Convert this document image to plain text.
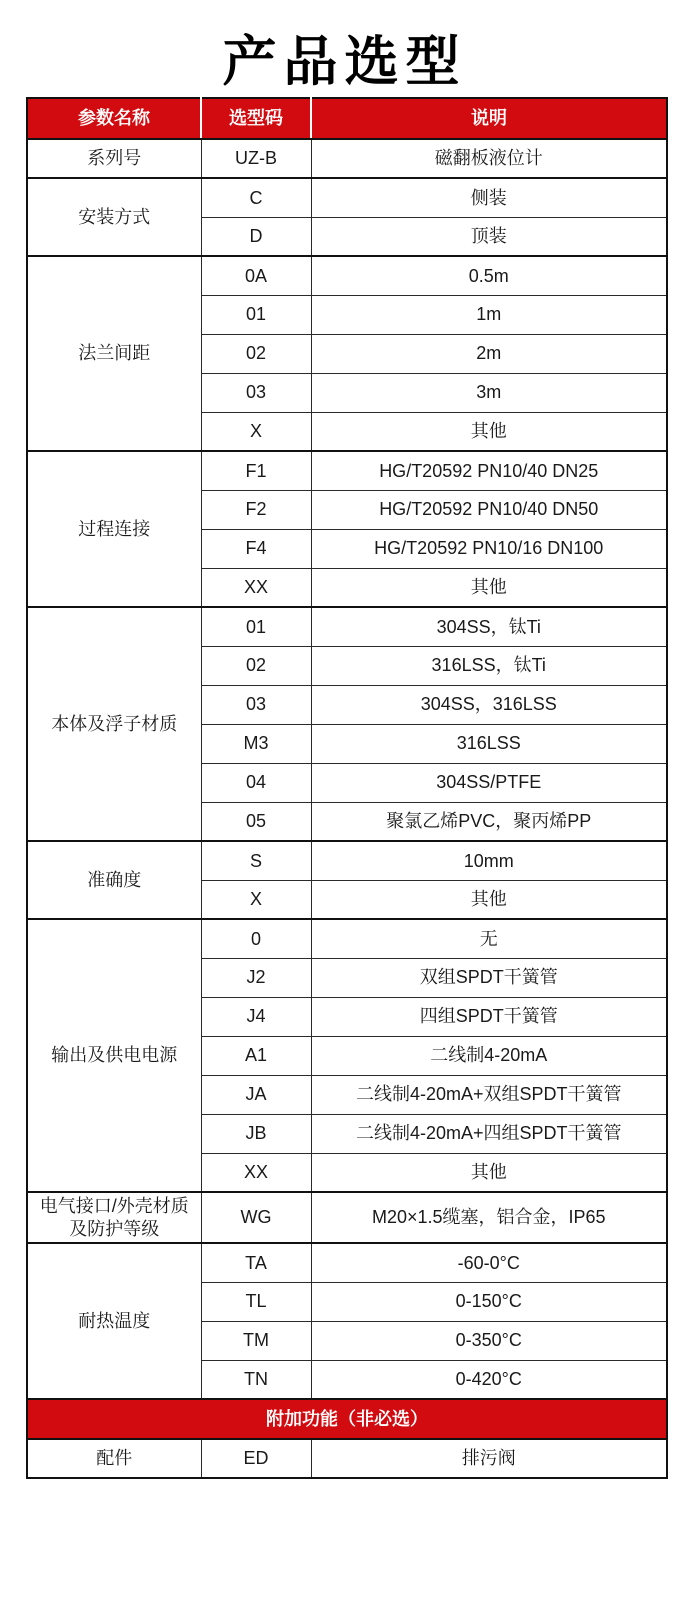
产品选型
参数名称	选型码	说明
系列号	UZ-B	磁翻板液位计
安装方式	C	侧装
	D	顶装
法兰间距	0A	0.5m
	01	1m
	02	2m
	03	3m
	X	其他
过程连接	F1	HG/T20592 PN10/40 DN25
	F2	HG/T20592 PN10/40 DN50
	F4	HG/T20592 PN10/16 DN100
	XX	其他
本体及浮子材质	01	304SS，钛Ti
	02	316LSS，钛Ti
	03	304SS，316LSS
	M3	316LSS
	04	304SS/PTFE
	05	聚氯乙烯PVC，聚丙烯PP
准确度	S	10mm
	X	其他
输出及供电电源	0	无
	J2	双组SPDT干簧管
	J4	四组SPDT干簧管
	A1	二线制4-20mA
	JA	二线制4-20mA+双组SPDT干簧管
	JB	二线制4-20mA+四组SPDT干簧管
	XX	其他
电气接口/外壳材质及防护等级	WG	M20×1.5缆塞，铝合金，IP65
耐热温度	TA	-60-0°C
	TL	0-150°C
	TM	0-350°C
	TN	0-420°C
附加功能（非必选）		
配件	ED	排污阀
